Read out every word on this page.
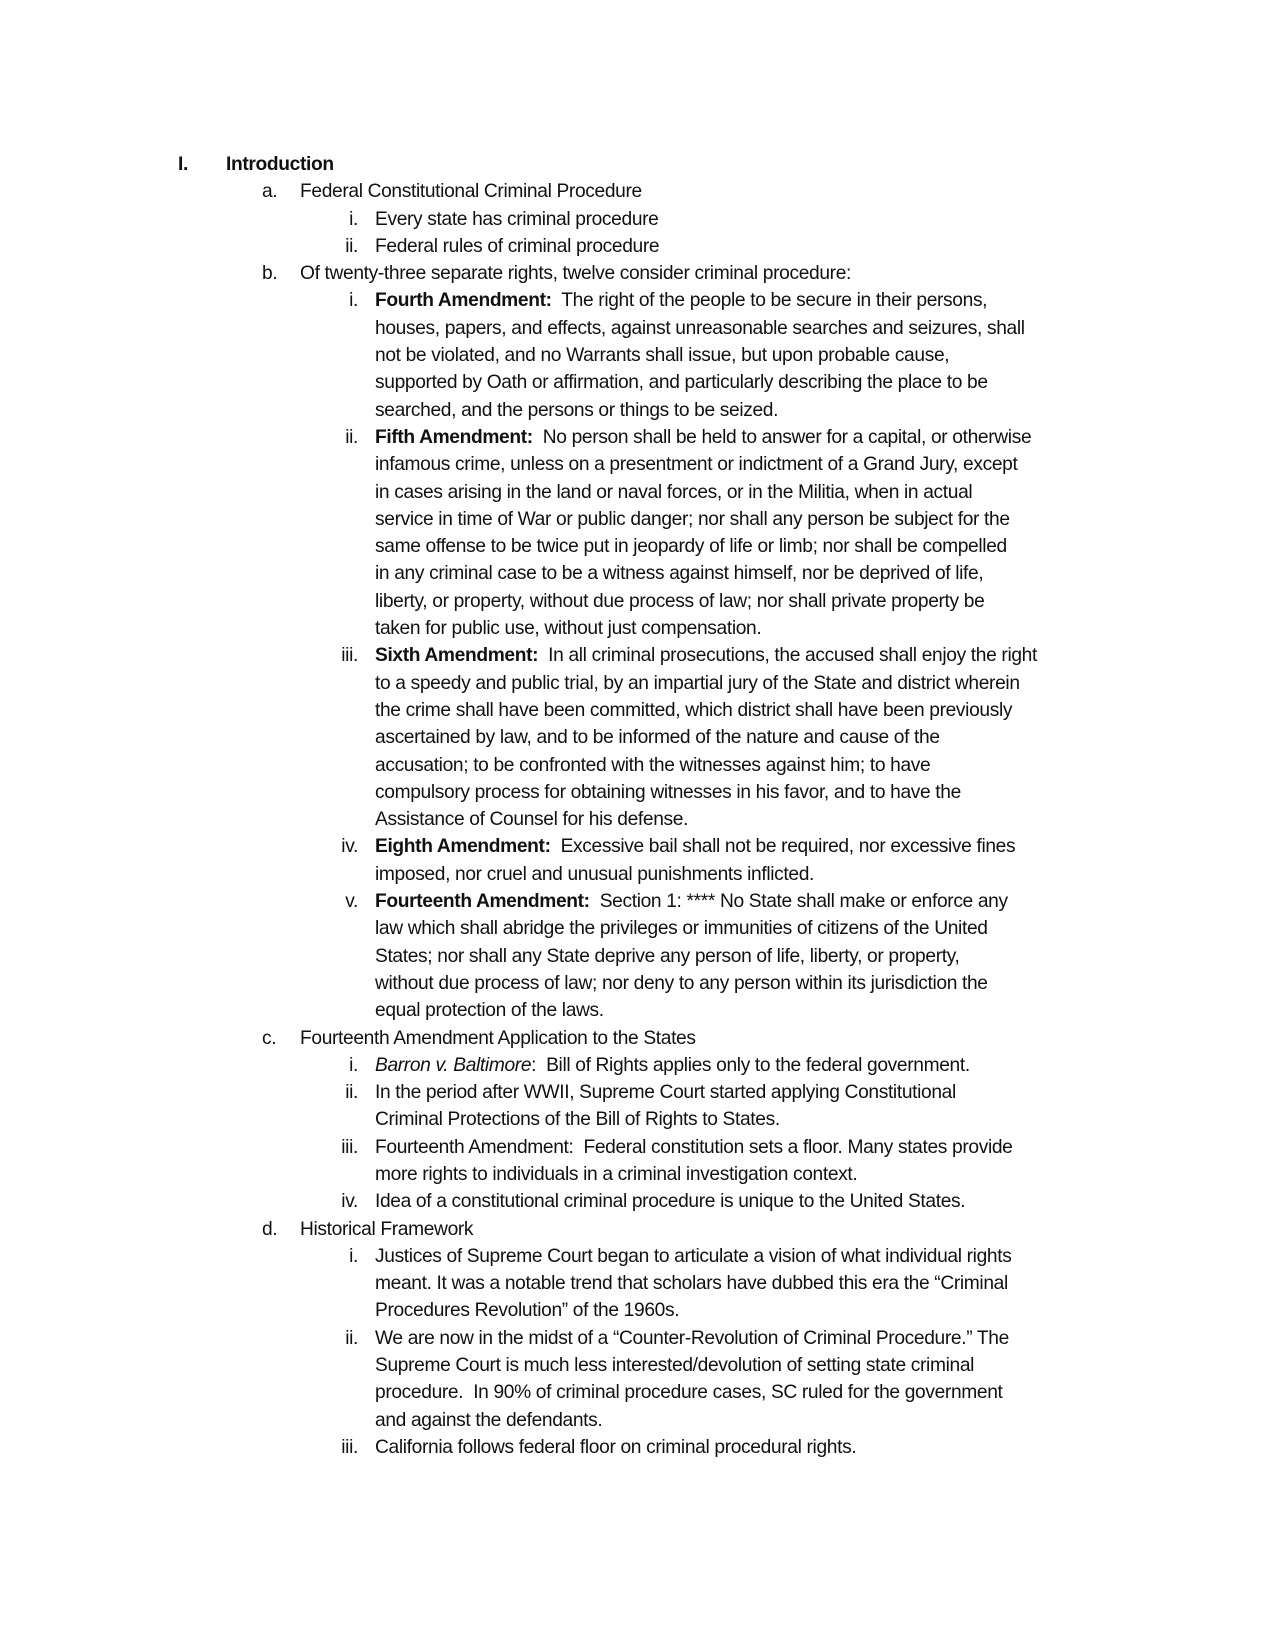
I.	Introduction
a.	Federal Constitutional Criminal Procedure
i. Every state has criminal procedure
ii. Federal rules of criminal procedure
b.	Of twenty-three separate rights, twelve consider criminal procedure:
i. Fourth Amendment:  The right of the people to be secure in their persons,
houses, papers, and effects, against unreasonable searches and seizures, shall
not be violated, and no Warrants shall issue, but upon probable cause,
supported by Oath or affirmation, and particularly describing the place to be
searched, and the persons or things to be seized.
ii. Fifth Amendment:  No person shall be held to answer for a capital, or otherwise
infamous crime, unless on a presentment or indictment of a Grand Jury, except
in cases arising in the land or naval forces, or in the Militia, when in actual
service in time of War or public danger; nor shall any person be subject for the
same offense to be twice put in jeopardy of life or limb; nor shall be compelled
in any criminal case to be a witness against himself, nor be deprived of life,
liberty, or property, without due process of law; nor shall private property be
taken for public use, without just compensation.
iii. Sixth Amendment:  In all criminal prosecutions, the accused shall enjoy the right
to a speedy and public trial, by an impartial jury of the State and district wherein
the crime shall have been committed, which district shall have been previously
ascertained by law, and to be informed of the nature and cause of the
accusation; to be confronted with the witnesses against him; to have
compulsory process for obtaining witnesses in his favor, and to have the
Assistance of Counsel for his defense.
iv. Eighth Amendment:  Excessive bail shall not be required, nor excessive fines
imposed, nor cruel and unusual punishments inflicted.
v. Fourteenth Amendment:  Section 1: **** No State shall make or enforce any
law which shall abridge the privileges or immunities of citizens of the United
States; nor shall any State deprive any person of life, liberty, or property,
without due process of law; nor deny to any person within its jurisdiction the
equal protection of the laws.
c.	Fourteenth Amendment Application to the States
i. Barron v. Baltimore:  Bill of Rights applies only to the federal government.
ii. In the period after WWII, Supreme Court started applying Constitutional
Criminal Protections of the Bill of Rights to States.
iii. Fourteenth Amendment:  Federal constitution sets a floor. Many states provide
more rights to individuals in a criminal investigation context.
iv. Idea of a constitutional criminal procedure is unique to the United States.
d.	Historical Framework
i. Justices of Supreme Court began to articulate a vision of what individual rights
meant. It was a notable trend that scholars have dubbed this era the “Criminal
Procedures Revolution” of the 1960s.
ii. We are now in the midst of a “Counter-Revolution of Criminal Procedure.” The
Supreme Court is much less interested/devolution of setting state criminal
procedure.  In 90% of criminal procedure cases, SC ruled for the government
and against the defendants.
iii. California follows federal floor on criminal procedural rights.
